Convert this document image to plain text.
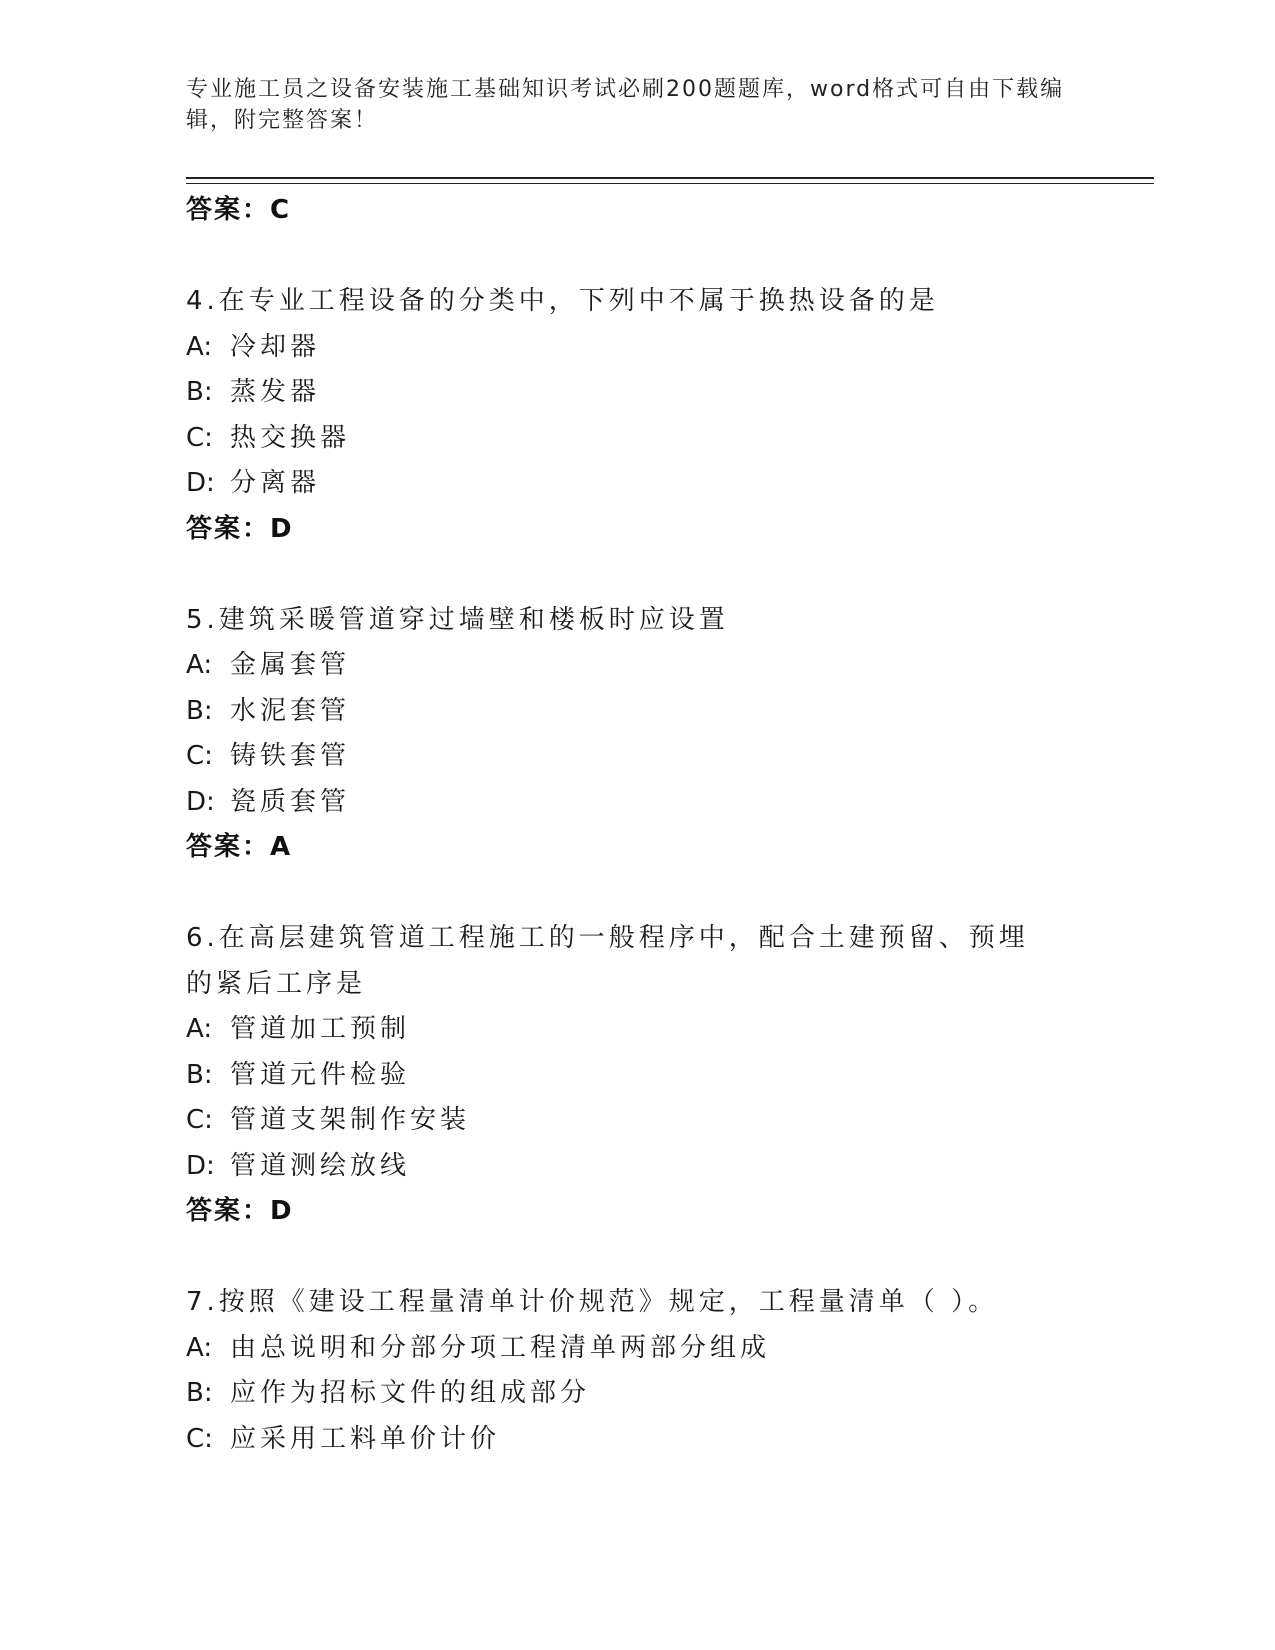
专业施工员之设备安装施工基础知识考试必刷200题题库，word格式可自由下载编辑，附完整答案！
答案：C
4.在专业工程设备的分类中，下列中不属于换热设备的是
A: 冷却器
B: 蒸发器
C: 热交换器
D: 分离器
答案：D
5.建筑采暖管道穿过墙壁和楼板时应设置
A: 金属套管
B: 水泥套管
C: 铸铁套管
D: 瓷质套管
答案：A
6.在高层建筑管道工程施工的一般程序中，配合土建预留、预埋的紧后工序是
A: 管道加工预制
B: 管道元件检验
C: 管道支架制作安装
D: 管道测绘放线
答案：D
7.按照《建设工程量清单计价规范》规定，工程量清单（ ）。
A: 由总说明和分部分项工程清单两部分组成
B: 应作为招标文件的组成部分
C: 应采用工料单价计价
